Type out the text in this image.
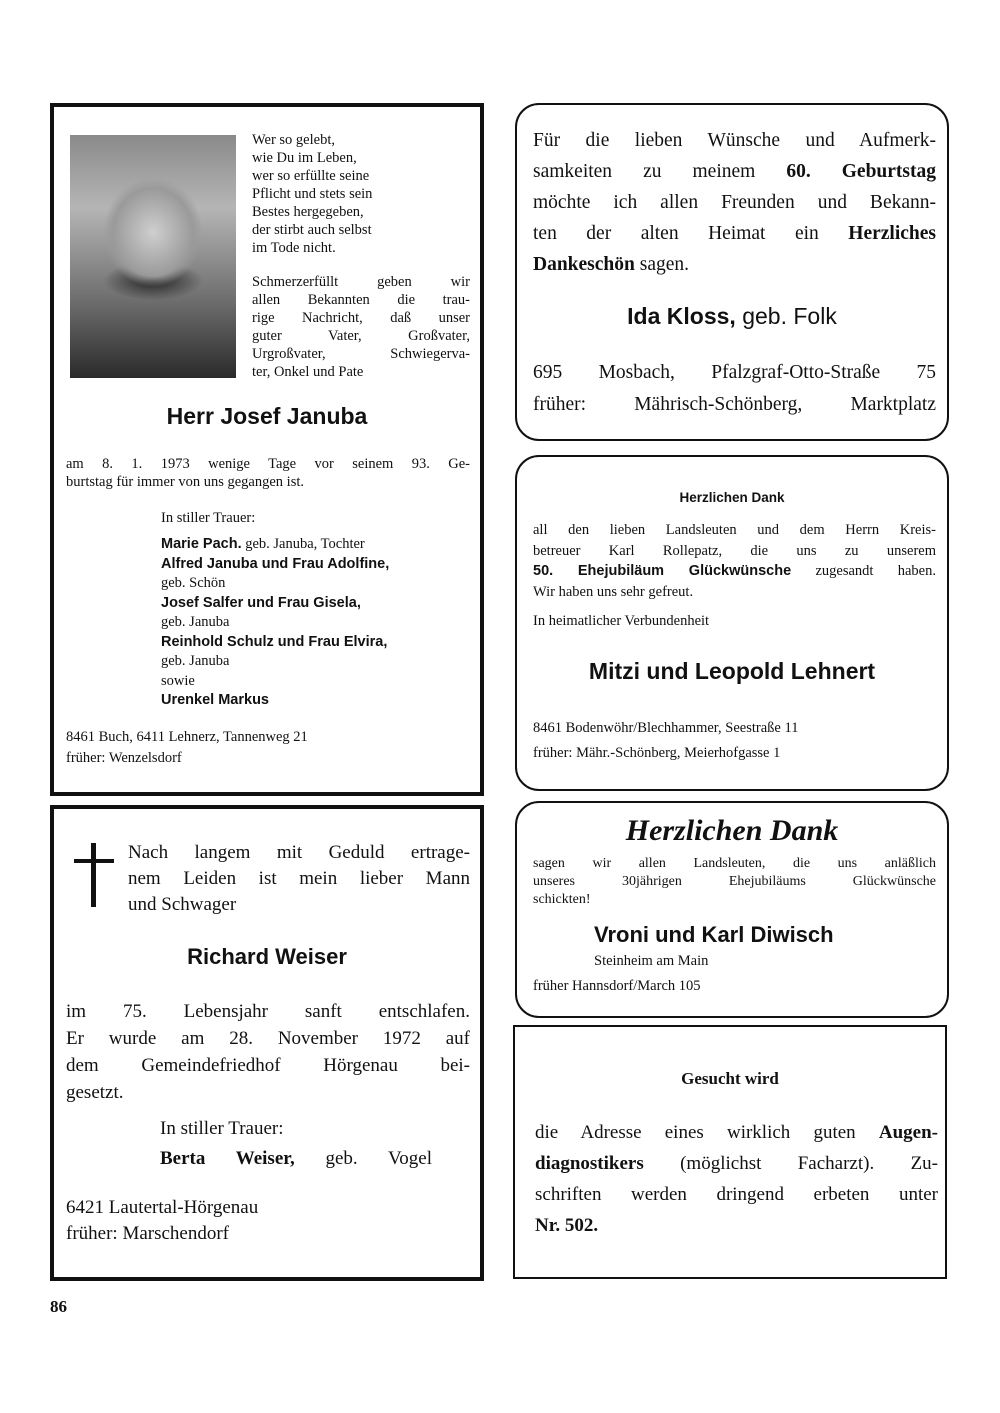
Wer so gelebt,
wie Du im Leben,
wer so erfüllte seine
Pflicht und stets sein
Bestes hergegeben,
der stirbt auch selbst
im Tode nicht.
Schmerzerfüllt geben wir
allen Bekannten die trau-
rige Nachricht, daß unser
guter Vater, Großvater,
Urgroßvater, Schwiegerva-
ter, Onkel und Pate
Herr Josef Januba
am 8. 1. 1973 wenige Tage vor seinem 93. Ge-
burtstag für immer von uns gegangen ist.
In stiller Trauer:
Marie Pach. geb. Januba, Tochter
Alfred Januba und Frau Adolfine,
geb. Schön
Josef Salfer und Frau Gisela,
geb. Januba
Reinhold Schulz und Frau Elvira,
geb. Januba
sowie
Urenkel Markus
8461 Buch, 6411 Lehnerz, Tannenweg 21
früher: Wenzelsdorf
Nach langem mit Geduld ertrage-
nem Leiden ist mein lieber Mann
und Schwager
Richard Weiser
im 75. Lebensjahr sanft entschlafen.
Er wurde am 28. November 1972 auf
dem Gemeindefriedhof Hörgenau bei-
gesetzt.
In stiller Trauer:
Berta Weiser, geb. Vogel
6421 Lautertal-Hörgenau
früher: Marschendorf
Für die lieben Wünsche und Aufmerk-
samkeiten zu meinem 60. Geburtstag
möchte ich allen Freunden und Bekann-
ten der alten Heimat ein Herzliches
Dankeschön sagen.
Ida Kloss, geb. Folk
695 Mosbach, Pfalzgraf-Otto-Straße 75
früher: Mährisch-Schönberg, Marktplatz
Herzlichen Dank
all den lieben Landsleuten und dem Herrn Kreis-
betreuer Karl Rollepatz, die uns zu unserem
50. Ehejubiläum Glückwünsche zugesandt haben.
Wir haben uns sehr gefreut.
In heimatlicher Verbundenheit
Mitzi und Leopold Lehnert
8461 Bodenwöhr/Blechhammer, Seestraße 11
früher: Mähr.-Schönberg, Meierhofgasse 1
Herzlichen Dank
sagen wir allen Landsleuten, die uns anläßlich
unseres 30jährigen Ehejubiläums Glückwünsche
schickten!
Vroni und Karl Diwisch
Steinheim am Main
früher Hannsdorf/March 105
Gesucht wird
die Adresse eines wirklich guten Augen-
diagnostikers (möglichst Facharzt). Zu-
schriften werden dringend erbeten unter
Nr. 502.
86
